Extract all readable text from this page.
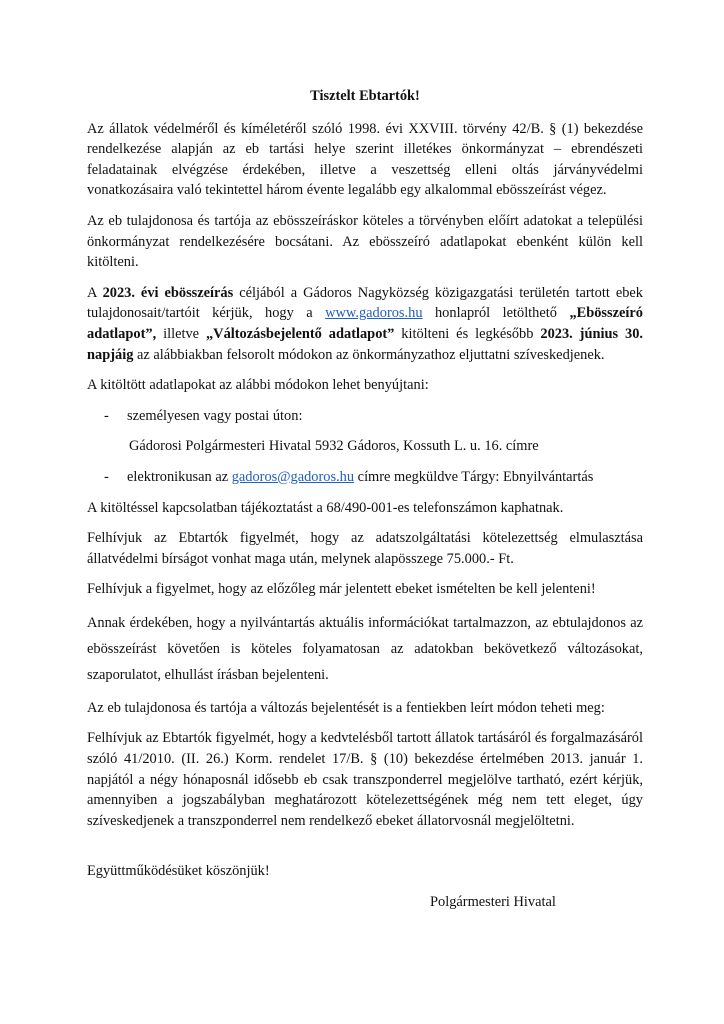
Tisztelt Ebtartók!

Az állatok védelméről és kíméletéről szóló 1998. évi XXVIII. törvény 42/B. § (1) bekezdése rendelkezése alapján az eb tartási helye szerint illetékes önkormányzat – ebrendészeti feladatainak elvégzése érdekében, illetve a veszettség elleni oltás járványvédelmi vonatkozásaira való tekintettel három évente legalább egy alkalommal ebösszeírást végez.

Az eb tulajdonosa és tartója az ebösszeíráskor köteles a törvényben előírt adatokat a települési önkormányzat rendelkezésére bocsátani. Az ebösszeíró adatlapokat ebenként külön kell kitölteni.

A 2023. évi ebösszeírás céljából a Gádoros Nagyközség közigazgatási területén tartott ebek tulajdonosait/tartóit kérjük, hogy a www.gadoros.hu honlapról letölthető „Ebösszeíró adatlapot”, illetve „Változásbejelentő adatlapot” kitölteni és legkésőbb 2023. június 30. napjáig az alábbiakban felsorolt módokon az önkormányzathoz eljuttatni szíveskedjenek.

A kitöltött adatlapokat az alábbi módokon lehet benyújtani:

-	személyesen vagy postai úton:
Gádorosi Polgármesteri Hivatal 5932 Gádoros, Kossuth L. u. 16. címre
-	elektronikusan az gadoros@gadoros.hu címre megküldve Tárgy: Ebnyilvántartás

A kitöltéssel kapcsolatban tájékoztatást a 68/490-001-es telefonszámon kaphatnak.

Felhívjuk az Ebtartók figyelmét, hogy az adatszolgáltatási kötelezettség elmulasztása állatvédelmi bírságot vonhat maga után, melynek alapösszege 75.000.- Ft.

Felhívjuk a figyelmet, hogy az előzőleg már jelentett ebeket ismételten be kell jelenteni!

Annak érdekében, hogy a nyilvántartás aktuális információkat tartalmazzon, az ebtulajdonos az ebösszeírást követően is köteles folyamatosan az adatokban bekövetkező változásokat, szaporulatot, elhullást írásban bejelenteni.

Az eb tulajdonosa és tartója a változás bejelentését is a fentiekben leírt módon teheti meg:

Felhívjuk az Ebtartók figyelmét, hogy a kedvtelésből tartott állatok tartásáról és forgalmazásáról szóló 41/2010. (II. 26.) Korm. rendelet 17/B. § (10) bekezdése értelmében 2013. január 1. napjától a négy hónaposnál idősebb eb csak transzponderrel megjelölve tartható, ezért kérjük, amennyiben a jogszabályban meghatározott kötelezettségének még nem tett eleget, úgy szíveskedjenek a transzponderrel nem rendelkező ebeket állatorvosnál megjelöltetni.

Együttműködésüket köszönjük!

Polgármesteri Hivatal
